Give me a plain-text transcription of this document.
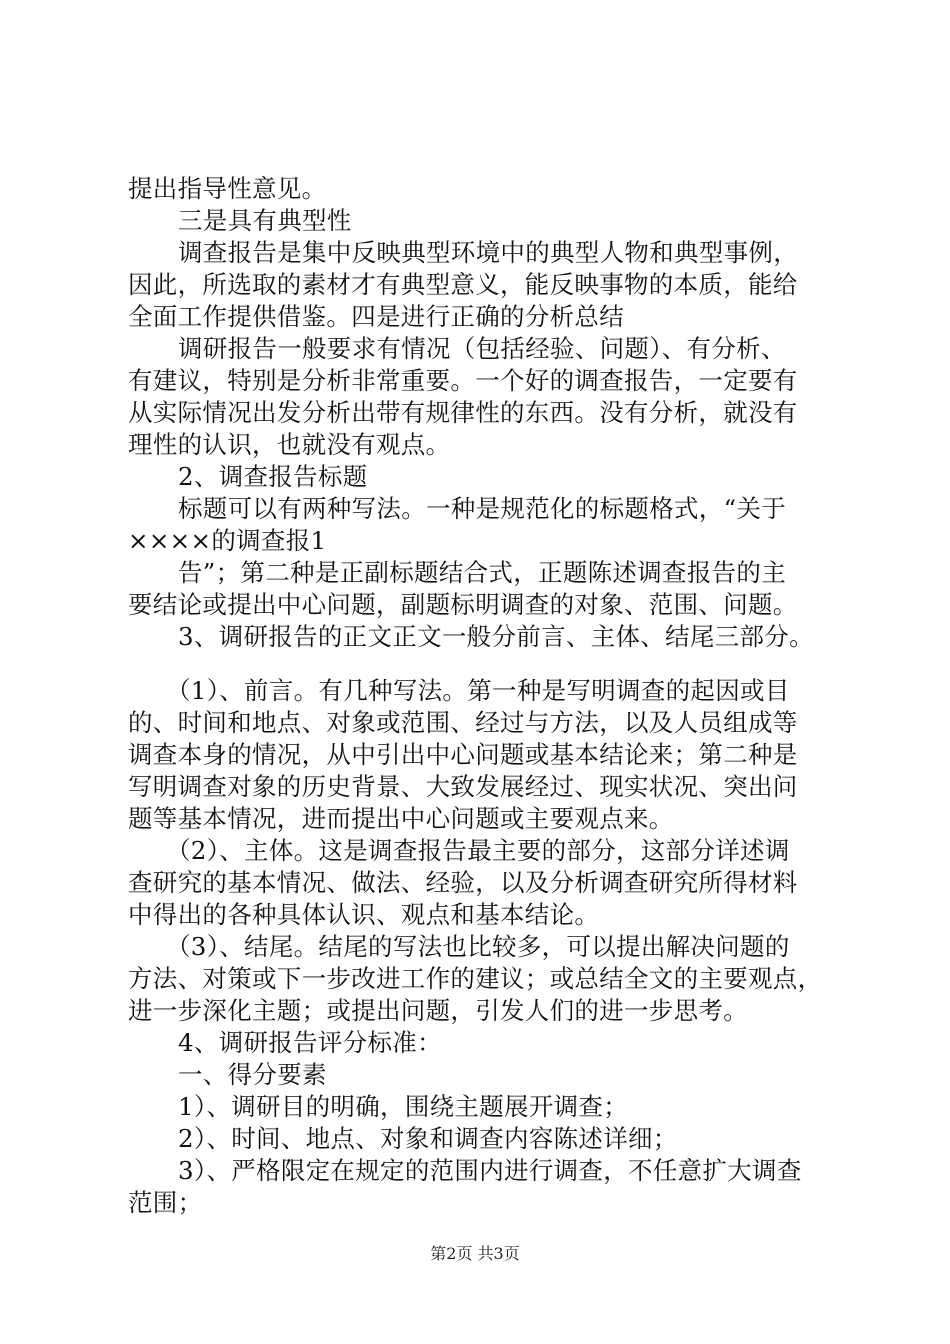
提出指导性意见。
三是具有典型性
调查报告是集中反映典型环境中的典型人物和典型事例，
因此，所选取的素材才有典型意义，能反映事物的本质，能给
全面工作提供借鉴。四是进行正确的分析总结
调研报告一般要求有情况（包括经验、问题）、有分析、
有建议，特别是分析非常重要。一个好的调查报告，一定要有
从实际情况出发分析出带有规律性的东西。没有分析，就没有
理性的认识，也就没有观点。
2、调查报告标题
标题可以有两种写法。一种是规范化的标题格式，“关于
××××的调查报1
告”；第二种是正副标题结合式，正题陈述调查报告的主
要结论或提出中心问题，副题标明调查的对象、范围、问题。
3、调研报告的正文正文一般分前言、主体、结尾三部分。
（1）、前言。有几种写法。第一种是写明调查的起因或目
的、时间和地点、对象或范围、经过与方法，以及人员组成等
调查本身的情况，从中引出中心问题或基本结论来；第二种是
写明调查对象的历史背景、大致发展经过、现实状况、突出问
题等基本情况，进而提出中心问题或主要观点来。
（2）、主体。这是调查报告最主要的部分，这部分详述调
查研究的基本情况、做法、经验，以及分析调查研究所得材料
中得出的各种具体认识、观点和基本结论。
（3）、结尾。结尾的写法也比较多，可以提出解决问题的
方法、对策或下一步改进工作的建议；或总结全文的主要观点，
进一步深化主题；或提出问题，引发人们的进一步思考。
4、调研报告评分标准：
一、得分要素
1）、调研目的明确，围绕主题展开调查；
2）、时间、地点、对象和调查内容陈述详细；
3）、严格限定在规定的范围内进行调查，不任意扩大调查
范围；
第2页 共3页
